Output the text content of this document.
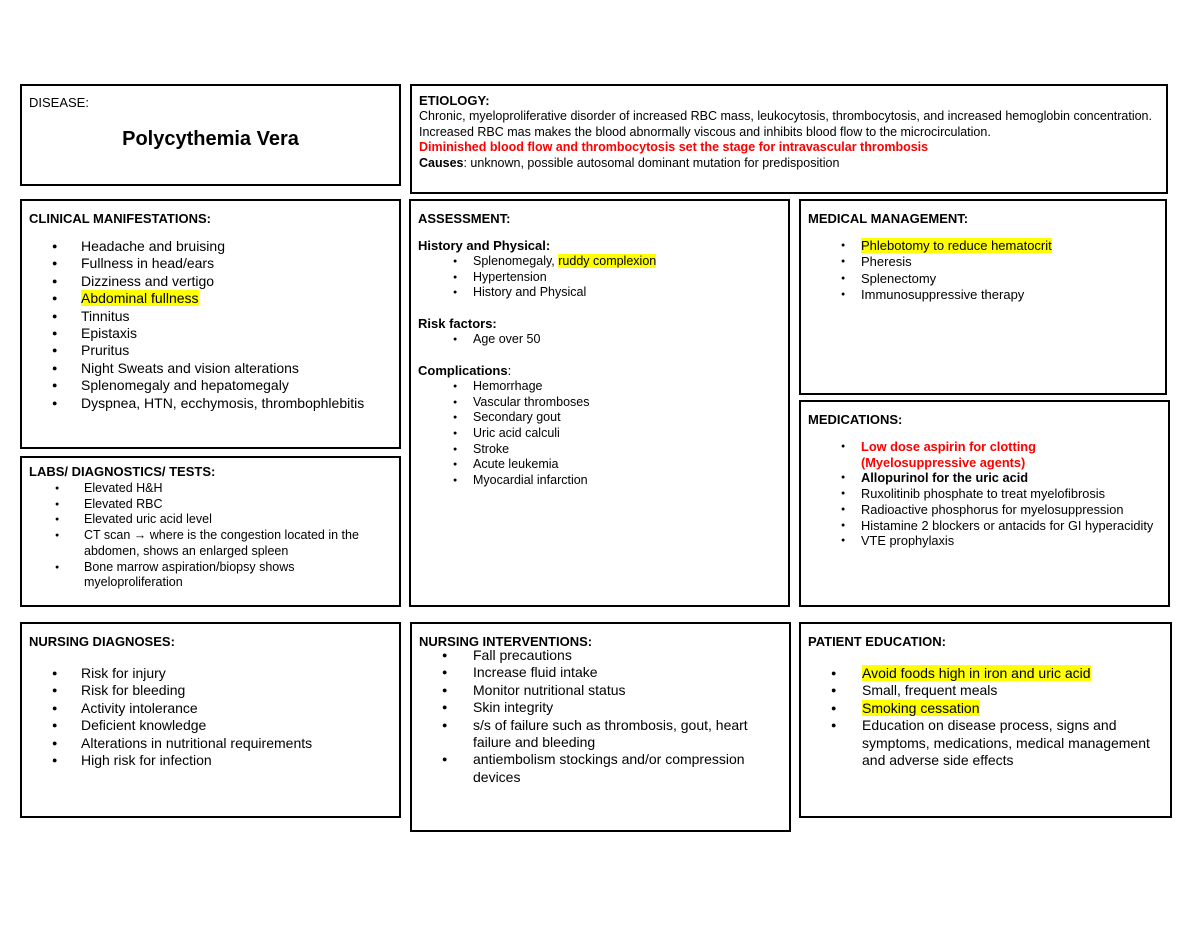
DISEASE:
Polycythemia Vera
ETIOLOGY:
Chronic, myeloproliferative disorder of increased RBC mass, leukocytosis, thrombocytosis, and increased hemoglobin concentration. Increased RBC mas makes the blood abnormally viscous and inhibits blood flow to the microcirculation.
Diminished blood flow and thrombocytosis set the stage for intravascular thrombosis
Causes: unknown, possible autosomal dominant mutation for predisposition
CLINICAL MANIFESTATIONS:
● Headache and bruising
● Fullness in head/ears
● Dizziness and vertigo
● Abdominal fullness
● Tinnitus
● Epistaxis
● Pruritus
● Night Sweats and vision alterations
● Splenomegaly and hepatomegaly
● Dyspnea, HTN, ecchymosis, thrombophlebitis
ASSESSMENT:
History and Physical:
● Splenomegaly, ruddy complexion
● Hypertension
● History and Physical
Risk factors:
● Age over 50
Complications:
● Hemorrhage
● Vascular thromboses
● Secondary gout
● Uric acid calculi
● Stroke
● Acute leukemia
● Myocardial infarction
MEDICAL MANAGEMENT:
● Phlebotomy to reduce hematocrit
● Pheresis
● Splenectomy
● Immunosuppressive therapy
MEDICATIONS:
● Low dose aspirin for clotting
(Myelosuppressive agents)
● Allopurinol for the uric acid
● Ruxolitinib phosphate to treat myelofibrosis
● Radioactive phosphorus for myelosuppression
● Histamine 2 blockers or antacids for GI hyperacidity
● VTE prophylaxis
LABS/ DIAGNOSTICS/ TESTS:
● Elevated H&H
● Elevated RBC
● Elevated uric acid level
● CT scan → where is the congestion located in the abdomen, shows an enlarged spleen
● Bone marrow aspiration/biopsy shows myeloproliferation
NURSING DIAGNOSES:
● Risk for injury
● Risk for bleeding
● Activity intolerance
● Deficient knowledge
● Alterations in nutritional requirements
● High risk for infection
NURSING INTERVENTIONS:
● Fall precautions
● Increase fluid intake
● Monitor nutritional status
● Skin integrity
● s/s of failure such as thrombosis, gout, heart failure and bleeding
● antiembolism stockings and/or compression devices
PATIENT EDUCATION:
● Avoid foods high in iron and uric acid
● Small, frequent meals
● Smoking cessation
● Education on disease process, signs and symptoms, medications, medical management and adverse side effects
